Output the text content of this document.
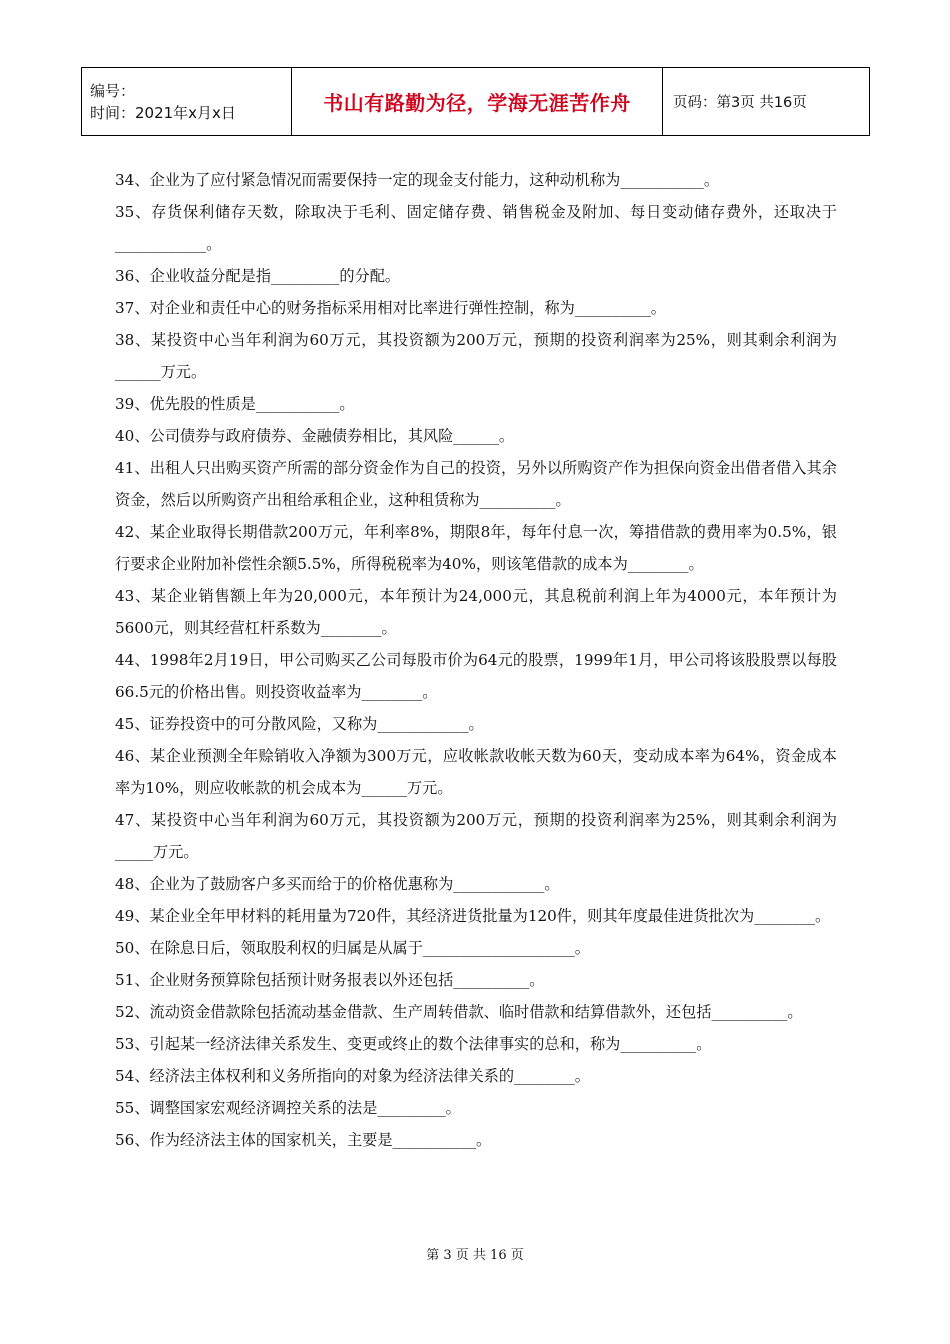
编号：
时间：2021年x月x日	书山有路勤为径，学海无涯苦作舟	页码：第3页 共16页

34、企业为了应付紧急情况而需要保持一定的现金支付能力，这种动机称为___________。

35、存货保利储存天数，除取决于毛利、固定储存费、销售税金及附加、每日变动储存费外，还取决于____________。

36、企业收益分配是指_________的分配。

37、对企业和责任中心的财务指标采用相对比率进行弹性控制，称为__________。

38、某投资中心当年利润为60万元，其投资额为200万元，预期的投资利润率为25%，则其剩余利润为______万元。

39、优先股的性质是___________。

40、公司债券与政府债券、金融债券相比，其风险______。

41、出租人只出购买资产所需的部分资金作为自己的投资，另外以所购资产作为担保向资金出借者借入其余资金，然后以所购资产出租给承租企业，这种租赁称为__________。

42、某企业取得长期借款200万元，年利率8%，期限8年，每年付息一次，筹措借款的费用率为0.5%，银行要求企业附加补偿性余额5.5%，所得税税率为40%，则该笔借款的成本为________。

43、某企业销售额上年为20,000元，本年预计为24,000元，其息税前利润上年为4000元，本年预计为5600元，则其经营杠杆系数为________。

44、1998年2月19日，甲公司购买乙公司每股市价为64元的股票，1999年1月，甲公司将该股股票以每股66.5元的价格出售。则投资收益率为________。

45、证券投资中的可分散风险，又称为____________。

46、某企业预测全年赊销收入净额为300万元，应收帐款收帐天数为60天，变动成本率为64%，资金成本率为10%，则应收帐款的机会成本为______万元。

47、某投资中心当年利润为60万元，其投资额为200万元，预期的投资利润率为25%，则其剩余利润为_____万元。

48、企业为了鼓励客户多买而给于的价格优惠称为____________。

49、某企业全年甲材料的耗用量为720件，其经济进货批量为120件，则其年度最佳进货批次为________。

50、在除息日后，领取股利权的归属是从属于____________________。

51、企业财务预算除包括预计财务报表以外还包括__________。

52、流动资金借款除包括流动基金借款、生产周转借款、临时借款和结算借款外，还包括__________。

53、引起某一经济法律关系发生、变更或终止的数个法律事实的总和，称为__________。

54、经济法主体权利和义务所指向的对象为经济法律关系的________。

55、调整国家宏观经济调控关系的法是_________。

56、作为经济法主体的国家机关，主要是___________。

第 3 页 共 16 页
